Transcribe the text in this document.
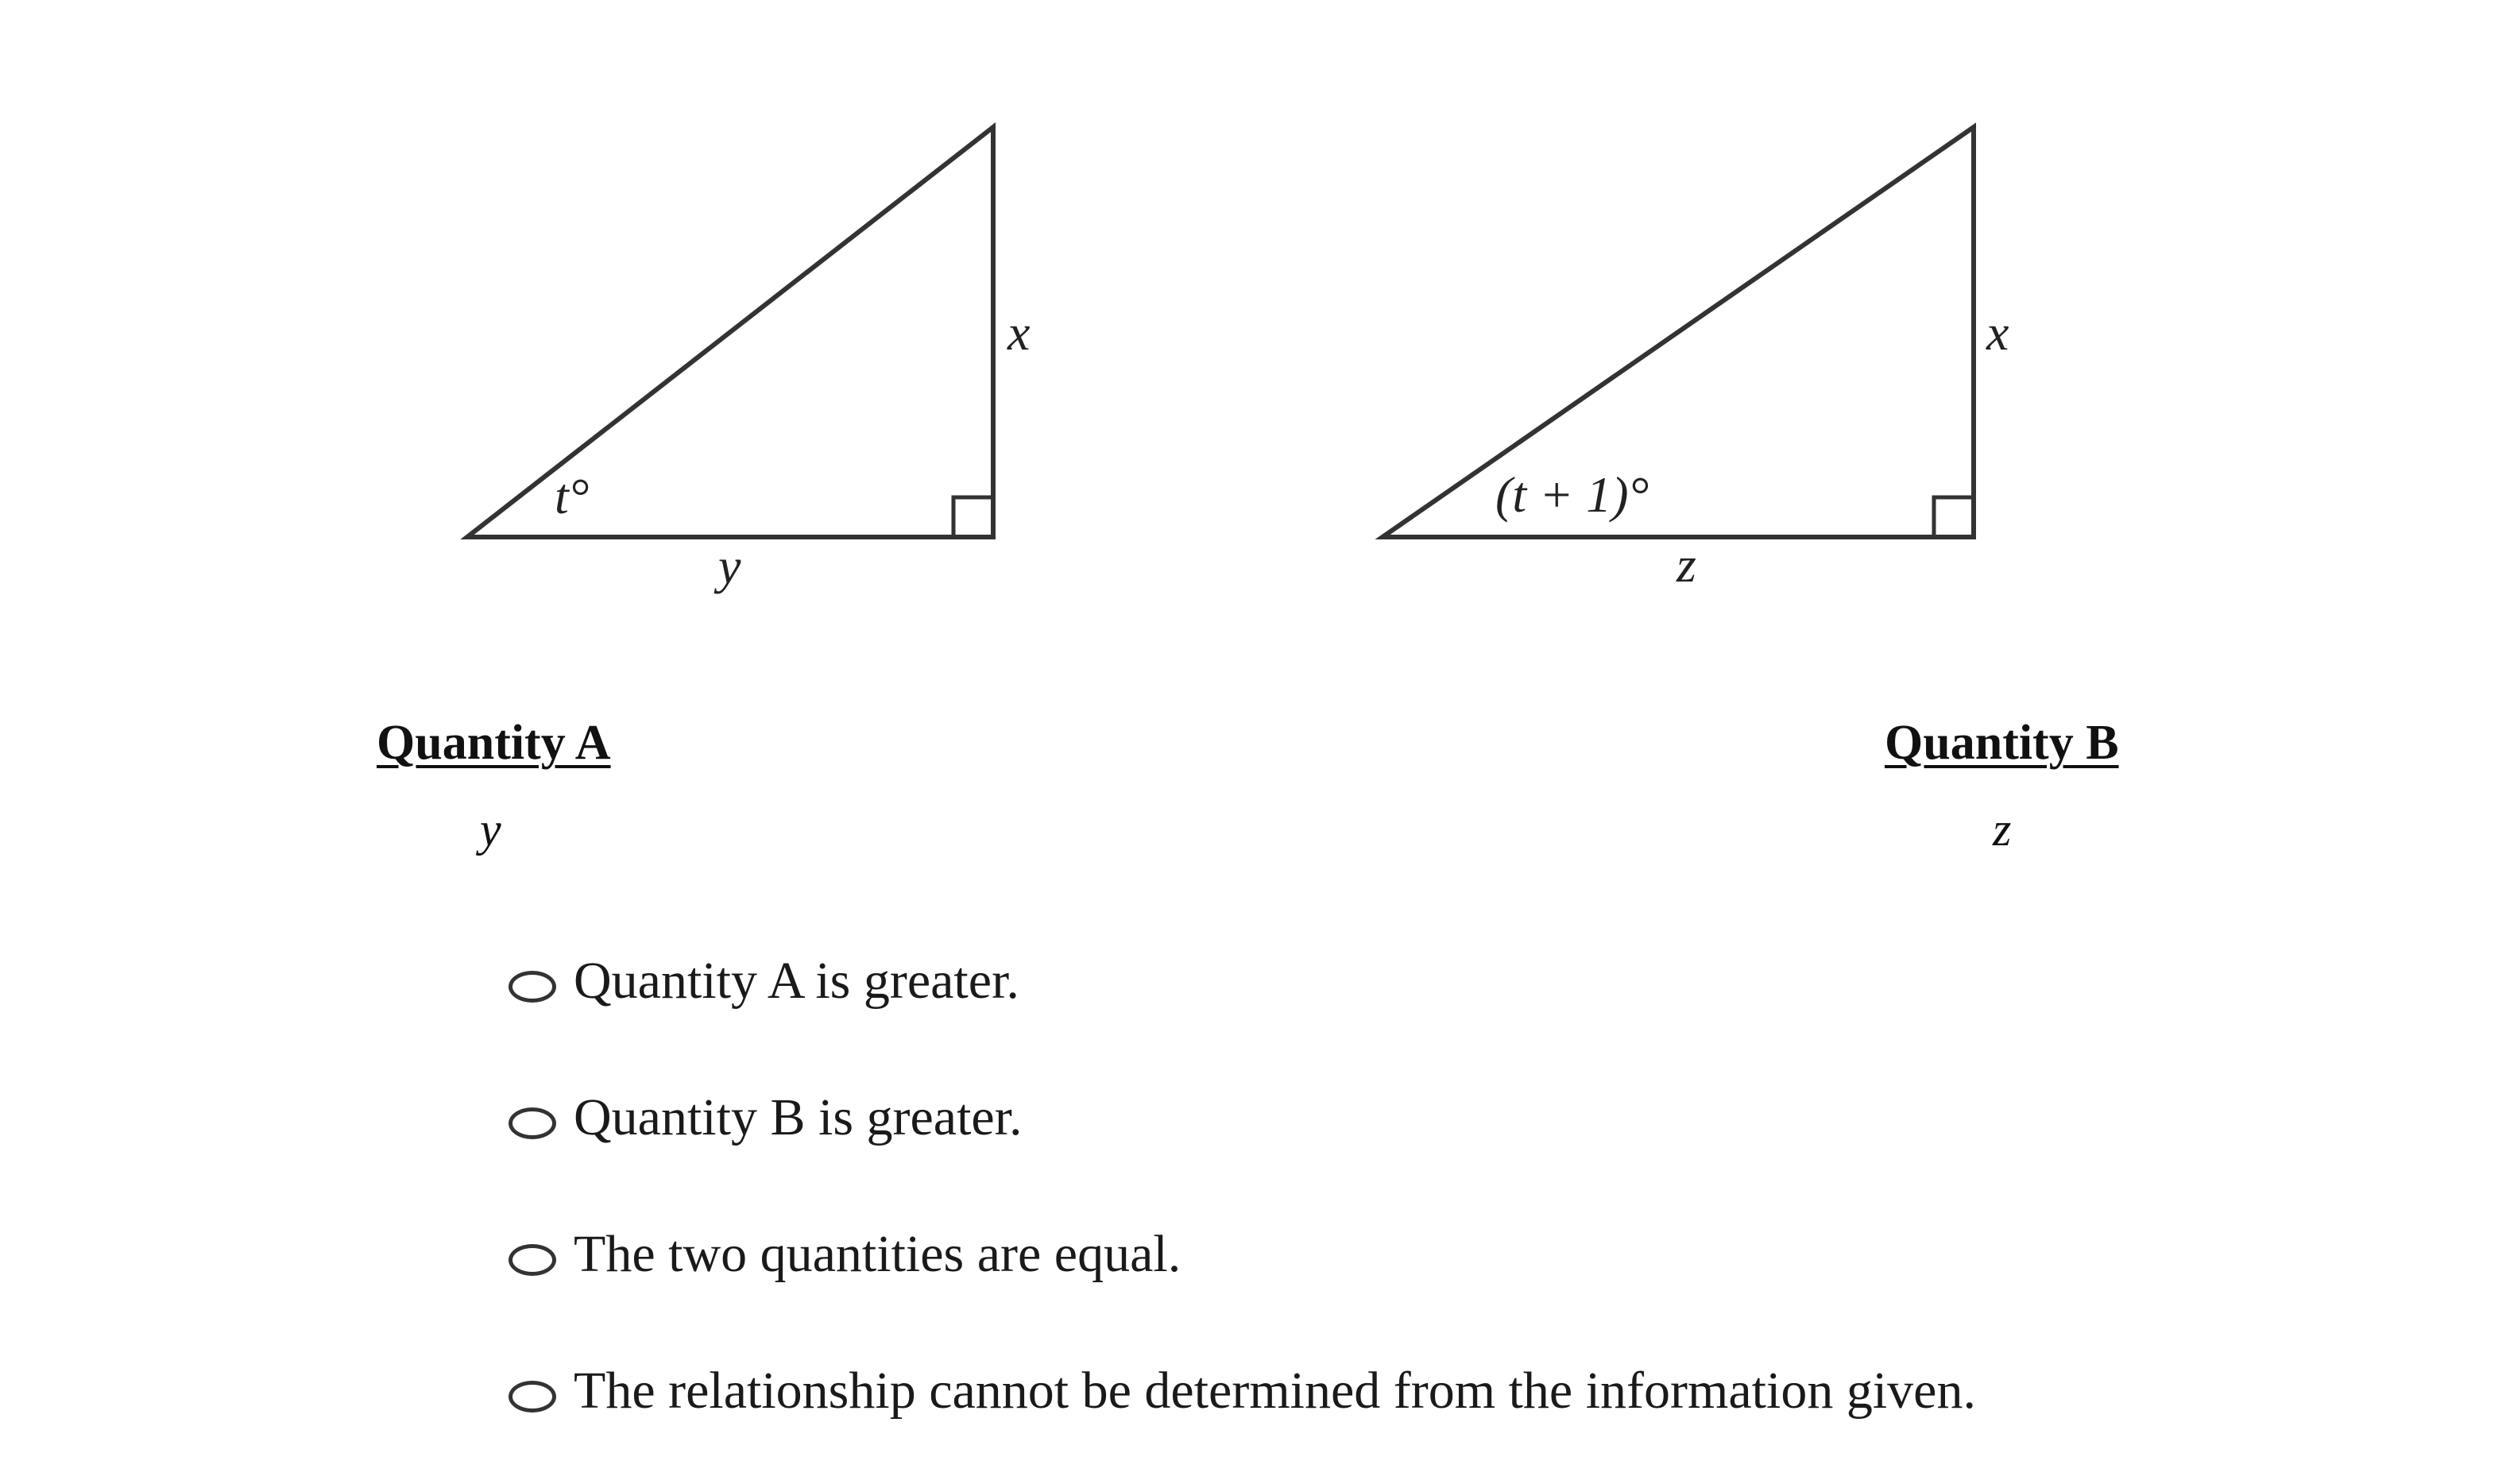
t°
x
y
(t + 1)°
x
z
Quantity A	Quantity B
y	z
Quantity A is greater.
Quantity B is greater.
The two quantities are equal.
The relationship cannot be determined from the information given.
